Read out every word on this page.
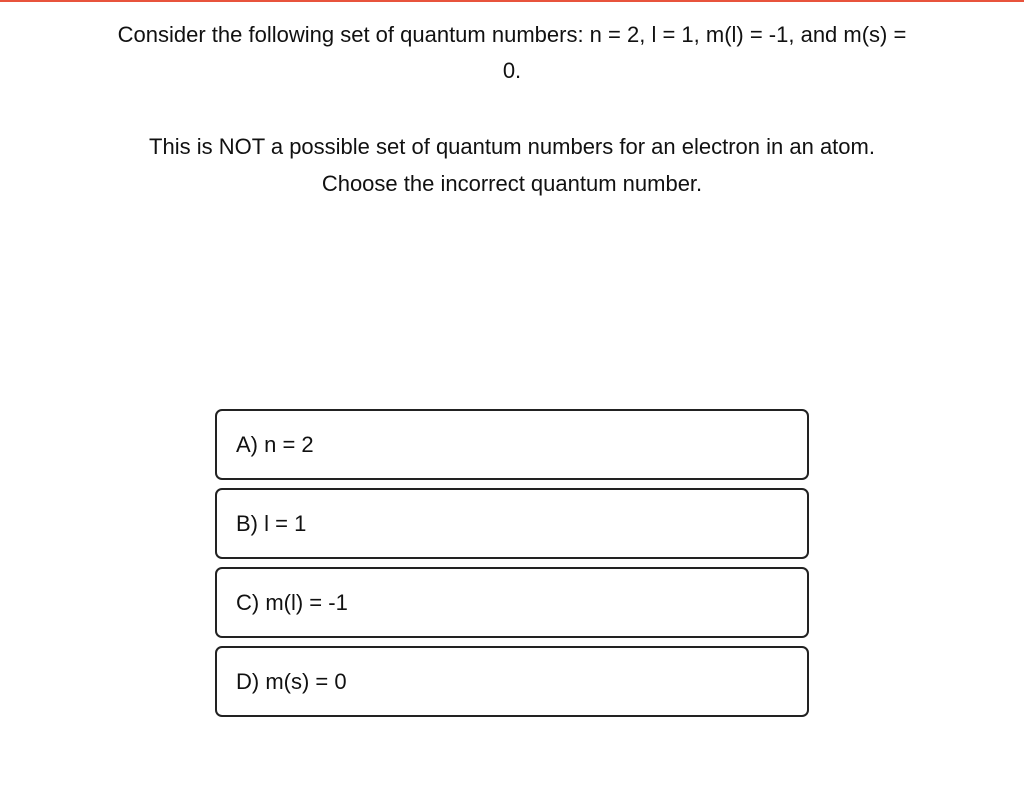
Consider the following set of quantum numbers: n = 2, l = 1, m(l) = -1, and m(s) =
0.
This is NOT a possible set of quantum numbers for an electron in an atom.
Choose the incorrect quantum number.
A) n = 2
B) l = 1
C) m(l) = -1
D) m(s) = 0
